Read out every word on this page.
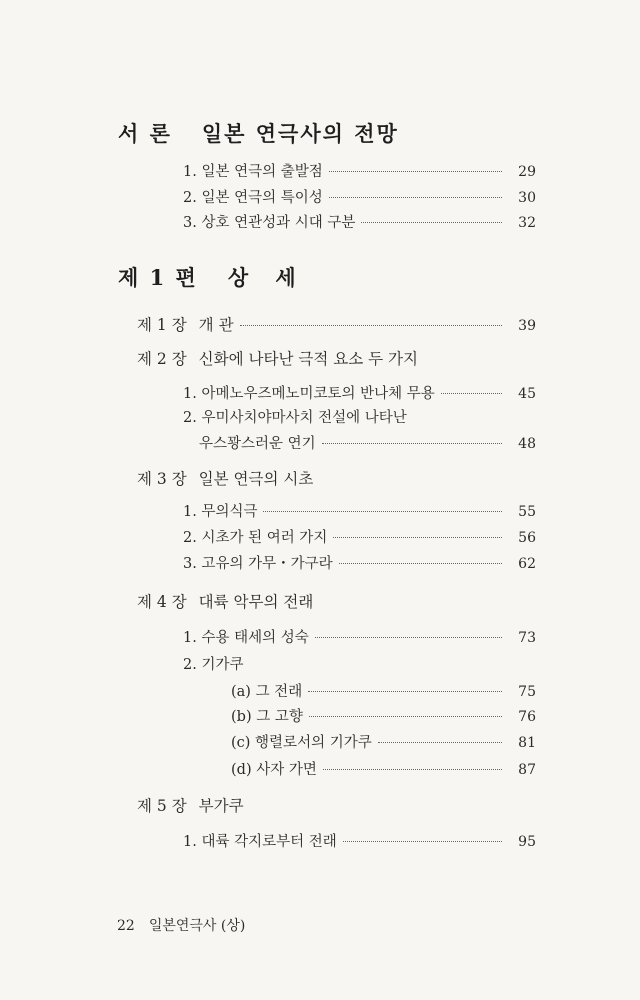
서 론 일본 연극사의 전망
1. 일본 연극의 출발점	29
2. 일본 연극의 특이성	30
3. 상호 연관성과 시대 구분	32
제 1 편 상 세
제 1 장 개 관	39
제 2 장 신화에 나타난 극적 요소 두 가지
1. 아메노우즈메노미코토의 반나체 무용	45
2. 우미사치야마사치 전설에 나타난
우스꽝스러운 연기	48
제 3 장 일본 연극의 시초
1. 무의식극	55
2. 시초가 된 여러 가지	56
3. 고유의 가무・가구라	62
제 4 장 대륙 악무의 전래
1. 수용 태세의 성숙	73
2. 기가쿠
(a) 그 전래	75
(b) 그 고향	76
(c) 행렬로서의 기가쿠	81
(d) 사자 가면	87
제 5 장 부가쿠
1. 대륙 각지로부터 전래	95
22 일본연극사 (상)
